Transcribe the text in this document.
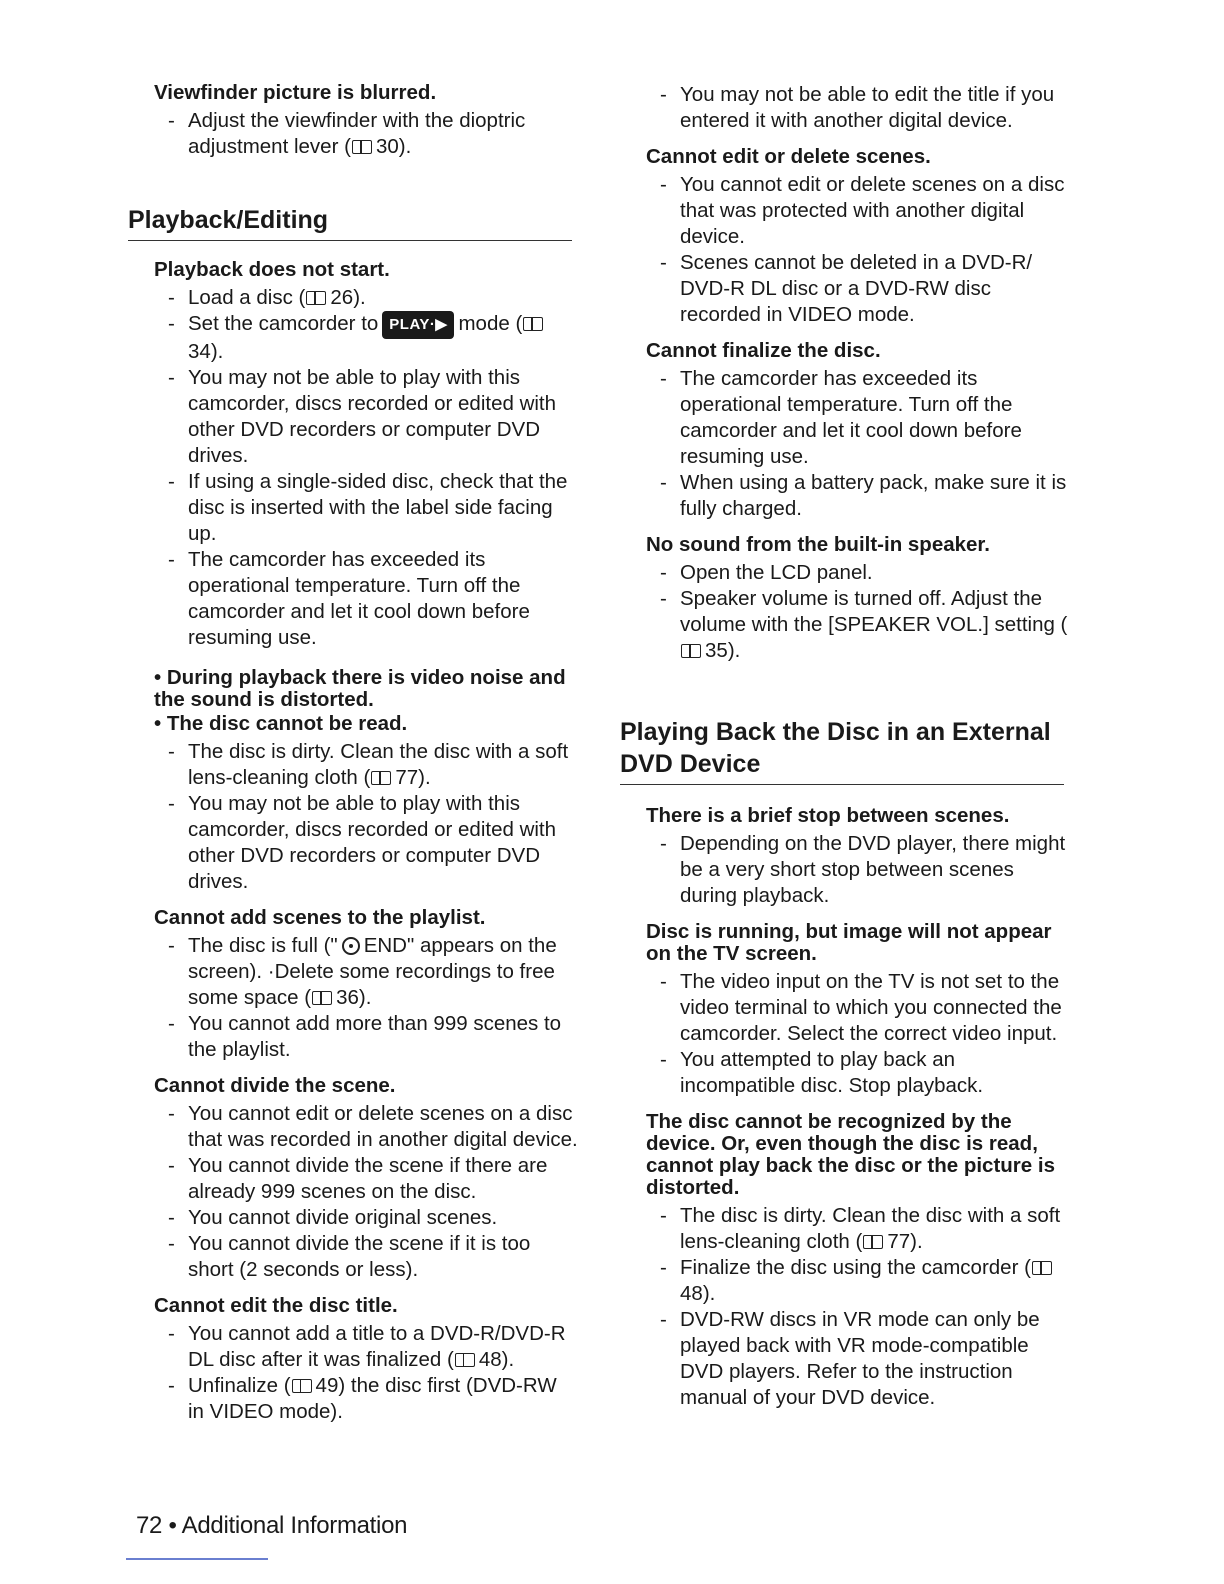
Viewfinder picture is blurred.
- Adjust the viewfinder with the dioptric adjustment lever ( 30).
Playback/Editing
Playback does not start.
- Load a disc ( 26).
- Set the camcorder to PLAY·▶ mode (34).
- You may not be able to play with this camcorder, discs recorded or edited with other DVD recorders or computer DVD drives.
- If using a single-sided disc, check that the disc is inserted with the label side facing up.
- The camcorder has exceeded its operational temperature. Turn off the camcorder and let it cool down before resuming use.
• During playback there is video noise and the sound is distorted.
• The disc cannot be read.
- The disc is dirty. Clean the disc with a soft lens-cleaning cloth ( 77).
- You may not be able to play with this camcorder, discs recorded or edited with other DVD recorders or computer DVD drives.
Cannot add scenes to the playlist.
- The disc is full (" END" appears on the screen). ·Delete some recordings to free some space ( 36).
- You cannot add more than 999 scenes to the playlist.
Cannot divide the scene.
- You cannot edit or delete scenes on a disc that was recorded in another digital device.
- You cannot divide the scene if there are already 999 scenes on the disc.
- You cannot divide original scenes.
- You cannot divide the scene if it is too short (2 seconds or less).
Cannot edit the disc title.
- You cannot add a title to a DVD-R/DVD-R DL disc after it was finalized ( 48).
- Unfinalize ( 49) the disc first (DVD-RW in VIDEO mode).
- You may not be able to edit the title if you entered it with another digital device.
Cannot edit or delete scenes.
- You cannot edit or delete scenes on a disc that was protected with another digital device.
- Scenes cannot be deleted in a DVD-R/ DVD-R DL disc or a DVD-RW disc recorded in VIDEO mode.
Cannot finalize the disc.
- The camcorder has exceeded its operational temperature. Turn off the camcorder and let it cool down before resuming use.
- When using a battery pack, make sure it is fully charged.
No sound from the built-in speaker.
- Open the LCD panel.
- Speaker volume is turned off. Adjust the volume with the [SPEAKER VOL.] setting (35).
Playing Back the Disc in an External DVD Device
There is a brief stop between scenes.
- Depending on the DVD player, there might be a very short stop between scenes during playback.
Disc is running, but image will not appear on the TV screen.
- The video input on the TV is not set to the video terminal to which you connected the camcorder. Select the correct video input.
- You attempted to play back an incompatible disc. Stop playback.
The disc cannot be recognized by the device. Or, even though the disc is read, cannot play back the disc or the picture is distorted.
- The disc is dirty. Clean the disc with a soft lens-cleaning cloth ( 77).
- Finalize the disc using the camcorder (48).
- DVD-RW discs in VR mode can only be played back with VR mode-compatible DVD players. Refer to the instruction manual of your DVD device.
72 • Additional Information
